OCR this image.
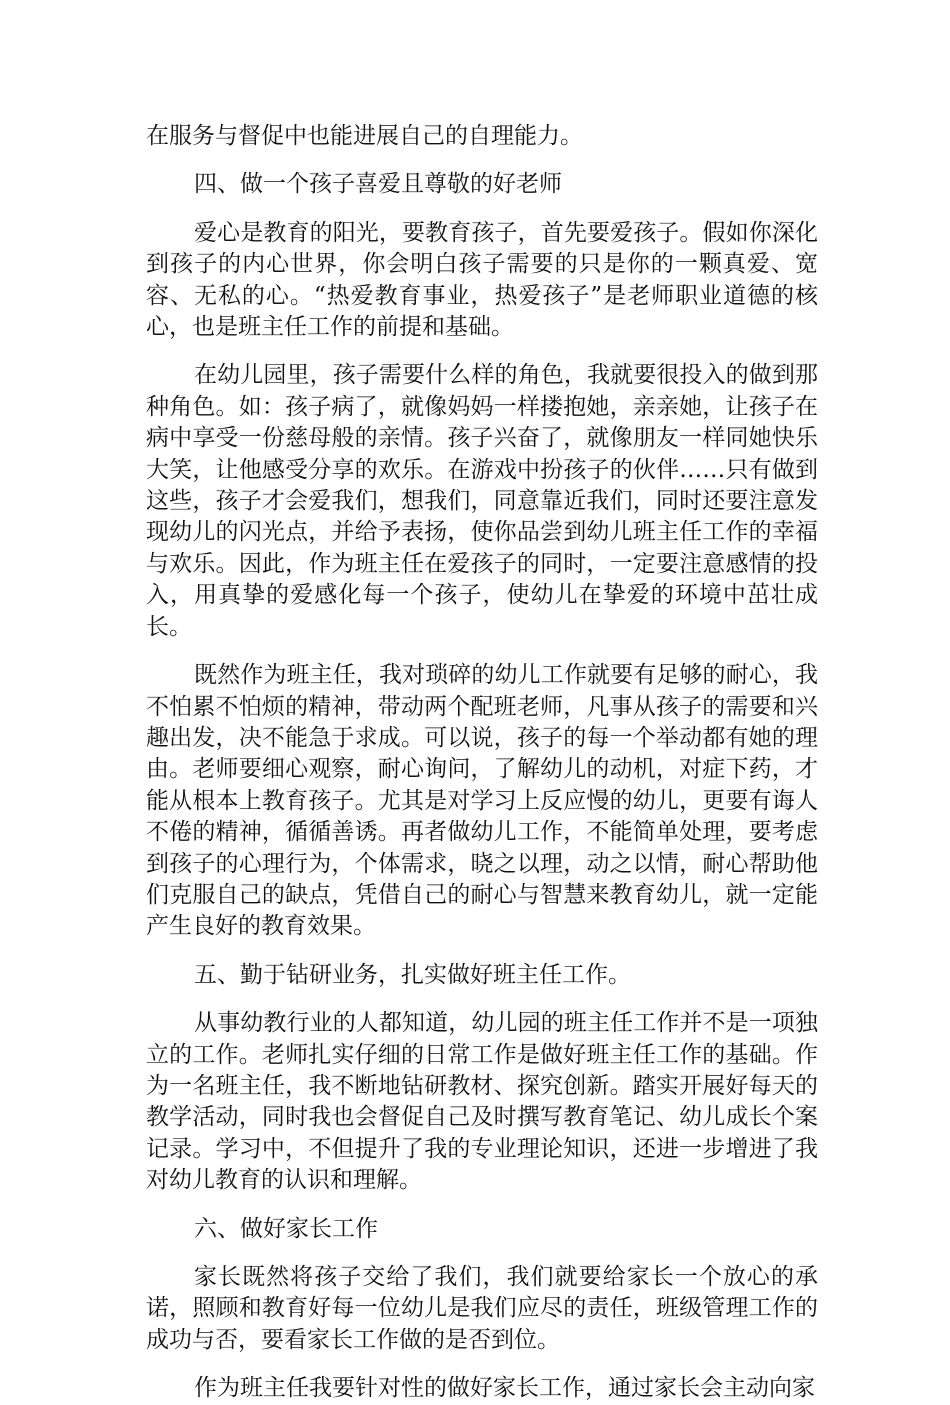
在服务与督促中也能进展自己的自理能力。

四、做一个孩子喜爱且尊敬的好老师

爱心是教育的阳光，要教育孩子，首先要爱孩子。假如你深化到孩子的内心世界，你会明白孩子需要的只是你的一颗真爱、宽容、无私的心。“热爱教育事业，热爱孩子”是老师职业道德的核心，也是班主任工作的前提和基础。

在幼儿园里，孩子需要什么样的角色，我就要很投入的做到那种角色。如：孩子病了，就像妈妈一样搂抱她，亲亲她，让孩子在病中享受一份慈母般的亲情。孩子兴奋了，就像朋友一样同她快乐大笑，让他感受分享的欢乐。在游戏中扮孩子的伙伴……只有做到这些，孩子才会爱我们，想我们，同意靠近我们，同时还要注意发现幼儿的闪光点，并给予表扬，使你品尝到幼儿班主任工作的幸福与欢乐。因此，作为班主任在爱孩子的同时，一定要注意感情的投入，用真挚的爱感化每一个孩子，使幼儿在挚爱的环境中茁壮成长。

既然作为班主任，我对琐碎的幼儿工作就要有足够的耐心，我不怕累不怕烦的精神，带动两个配班老师，凡事从孩子的需要和兴趣出发，决不能急于求成。可以说，孩子的每一个举动都有她的理由。老师要细心观察，耐心询问，了解幼儿的动机，对症下药，才能从根本上教育孩子。尤其是对学习上反应慢的幼儿，更要有诲人不倦的精神，循循善诱。再者做幼儿工作，不能简单处理，要考虑到孩子的心理行为，个体需求，晓之以理，动之以情，耐心帮助他们克服自己的缺点，凭借自己的耐心与智慧来教育幼儿，就一定能产生良好的教育效果。

五、勤于钻研业务，扎实做好班主任工作。

从事幼教行业的人都知道，幼儿园的班主任工作并不是一项独立的工作。老师扎实仔细的日常工作是做好班主任工作的基础。作为一名班主任，我不断地钻研教材、探究创新。踏实开展好每天的教学活动，同时我也会督促自己及时撰写教育笔记、幼儿成长个案记录。学习中，不但提升了我的专业理论知识，还进一步增进了我对幼儿教育的认识和理解。

六、做好家长工作

家长既然将孩子交给了我们，我们就要给家长一个放心的承诺，照顾和教育好每一位幼儿是我们应尽的责任，班级管理工作的成功与否，要看家长工作做的是否到位。

作为班主任我要针对性的做好家长工作，通过家长会主动向家
